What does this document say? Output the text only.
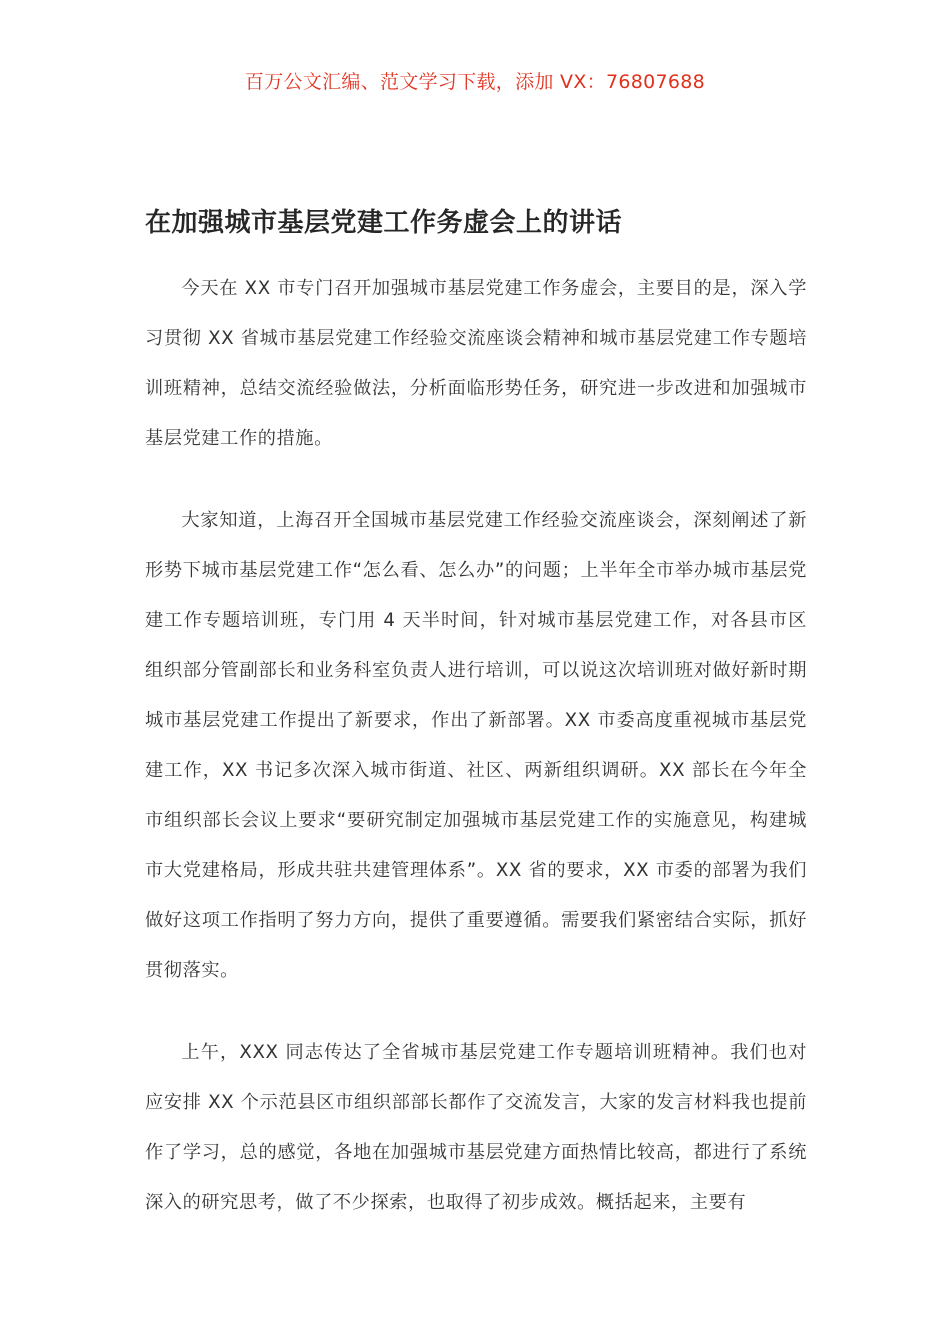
百万公文汇编、范文学习下载，添加 VX：76807688
在加强城市基层党建工作务虚会上的讲话

今天在 XX 市专门召开加强城市基层党建工作务虚会，主要目的是，深入学习贯彻 XX 省城市基层党建工作经验交流座谈会精神和城市基层党建工作专题培训班精神，总结交流经验做法，分析面临形势任务，研究进一步改进和加强城市基层党建工作的措施。

大家知道，上海召开全国城市基层党建工作经验交流座谈会，深刻阐述了新形势下城市基层党建工作“怎么看、怎么办”的问题；上半年全市举办城市基层党建工作专题培训班，专门用 4 天半时间，针对城市基层党建工作，对各县市区组织部分管副部长和业务科室负责人进行培训，可以说这次培训班对做好新时期城市基层党建工作提出了新要求，作出了新部署。XX 市委高度重视城市基层党建工作，XX 书记多次深入城市街道、社区、两新组织调研。XX 部长在今年全市组织部长会议上要求“要研究制定加强城市基层党建工作的实施意见，构建城市大党建格局，形成共驻共建管理体系”。XX 省的要求，XX 市委的部署为我们做好这项工作指明了努力方向，提供了重要遵循。需要我们紧密结合实际，抓好贯彻落实。

上午，XXX 同志传达了全省城市基层党建工作专题培训班精神。我们也对应安排 XX 个示范县区市组织部部长都作了交流发言，大家的发言材料我也提前作了学习，总的感觉，各地在加强城市基层党建方面热情比较高，都进行了系统深入的研究思考，做了不少探索，也取得了初步成效。概括起来，主要有
